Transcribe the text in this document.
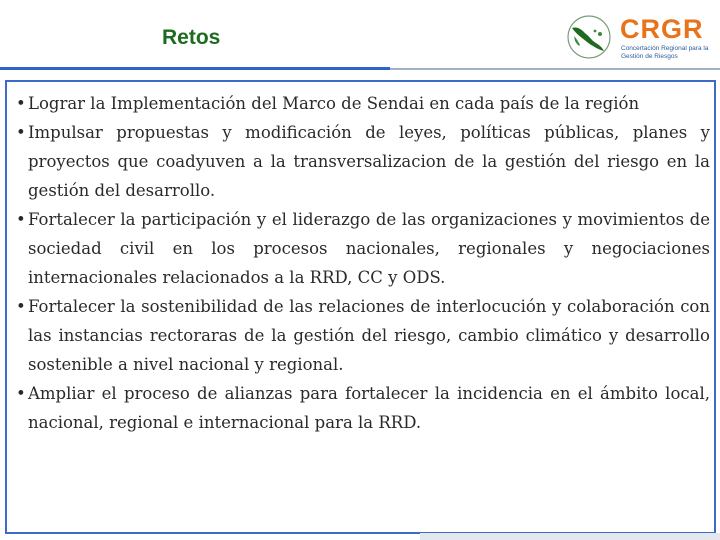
Retos	CRGR
Concertación Regional para la Gestión de Riesgos
• Lograr la Implementación del Marco de Sendai en cada país de la región
• Impulsar propuestas y modificación de leyes, políticas públicas, planes y proyectos que coadyuven a la transversalizacion de la gestión del riesgo en la gestión del desarrollo.
• Fortalecer la participación y el liderazgo de las organizaciones y movimientos de sociedad civil en los procesos nacionales, regionales y negociaciones internacionales relacionados a la RRD, CC y ODS.
• Fortalecer la sostenibilidad de las relaciones de interlocución y colaboración con las instancias rectoraras de la gestión del riesgo, cambio climático y desarrollo sostenible a nivel nacional y regional.
• Ampliar el proceso de alianzas para fortalecer la incidencia en el ámbito local, nacional, regional e internacional para la RRD.
